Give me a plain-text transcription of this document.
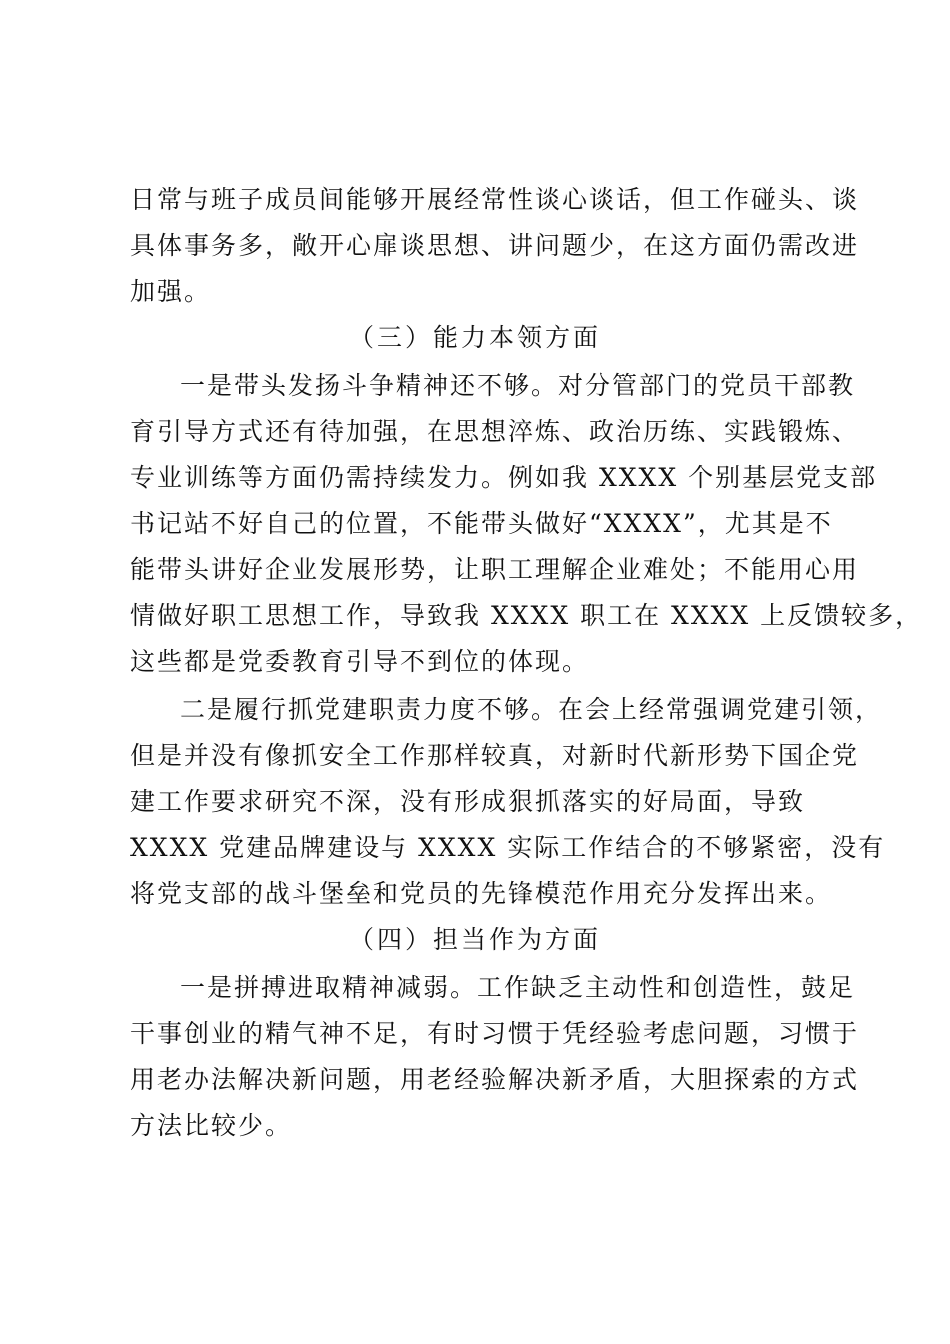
日常与班子成员间能够开展经常性谈心谈话，但工作碰头、谈
具体事务多，敞开心扉谈思想、讲问题少，在这方面仍需改进
加强。
（三）能力本领方面
一是带头发扬斗争精神还不够。对分管部门的党员干部教
育引导方式还有待加强，在思想淬炼、政治历练、实践锻炼、
专业训练等方面仍需持续发力。例如我 XXXX 个别基层党支部
书记站不好自己的位置，不能带头做好“XXXX”，尤其是不
能带头讲好企业发展形势，让职工理解企业难处；不能用心用
情做好职工思想工作，导致我 XXXX 职工在 XXXX 上反馈较多，
这些都是党委教育引导不到位的体现。
二是履行抓党建职责力度不够。在会上经常强调党建引领，
但是并没有像抓安全工作那样较真，对新时代新形势下国企党
建工作要求研究不深，没有形成狠抓落实的好局面，导致
XXXX 党建品牌建设与 XXXX 实际工作结合的不够紧密，没有
将党支部的战斗堡垒和党员的先锋模范作用充分发挥出来。
（四）担当作为方面
一是拼搏进取精神减弱。工作缺乏主动性和创造性，鼓足
干事创业的精气神不足，有时习惯于凭经验考虑问题，习惯于
用老办法解决新问题，用老经验解决新矛盾，大胆探索的方式
方法比较少。
